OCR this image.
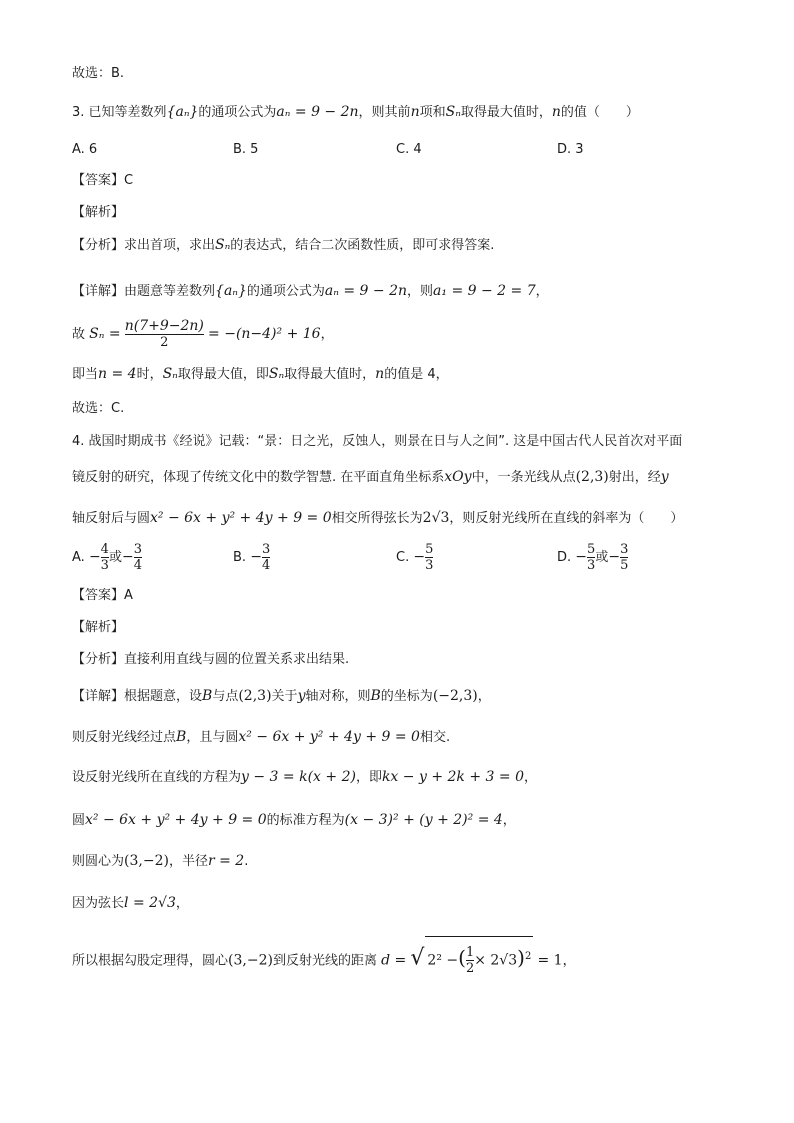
故选：B.
3. 已知等差数列{aₙ}的通项公式为aₙ = 9 − 2n，则其前n项和Sₙ取得最大值时，n的值（　　）
A. 6	B. 5	C. 4	D. 3
【答案】C
【解析】
【分析】求出首项，求出Sₙ的表达式，结合二次函数性质，即可求得答案.
【详解】由题意等差数列{aₙ}的通项公式为aₙ = 9 − 2n，则a₁ = 9 − 2 = 7，
故 $S_n = \frac{n(7+9-2n)}{2} = -(n-4)^2 + 16$，
即当n = 4时，Sₙ取得最大值，即Sₙ取得最大值时，n的值是 4，
故选：C.
4. 战国时期成书《经说》记载：“景：日之光，反蚀人，则景在日与人之间”. 这是中国古代人民首次对平面
镜反射的研究，体现了传统文化中的数学智慧. 在平面直角坐标系xOy中，一条光线从点(2,3)射出，经y
轴反射后与圆x² − 6x + y² + 4y + 9 = 0相交所得弦长为2√3，则反射光线所在直线的斜率为（　　）
A. − $\frac{4}{3}$ 或− $\frac{3}{4}$	B. − $\frac{3}{4}$	C. − $\frac{5}{3}$	D. − $\frac{5}{3}$ 或− $\frac{3}{5}$
【答案】A
【解析】
【分析】直接利用直线与圆的位置关系求出结果.
【详解】根据题意，设B与点(2,3)关于y轴对称，则B的坐标为(−2,3)，
则反射光线经过点B，且与圆x² − 6x + y² + 4y + 9 = 0相交.
设反射光线所在直线的方程为y − 3 = k(x + 2)，即kx − y + 2k + 3 = 0，
圆x² − 6x + y² + 4y + 9 = 0的标准方程为(x − 3)² + (y + 2)² = 4，
则圆心为(3,−2)，半径r = 2.
因为弦长l = 2√3，
所以根据勾股定理得，圆心(3,−2)到反射光线的距离 d = √ 2² −( $\frac{1}{2} \times 2√3)^2 = 1$，
